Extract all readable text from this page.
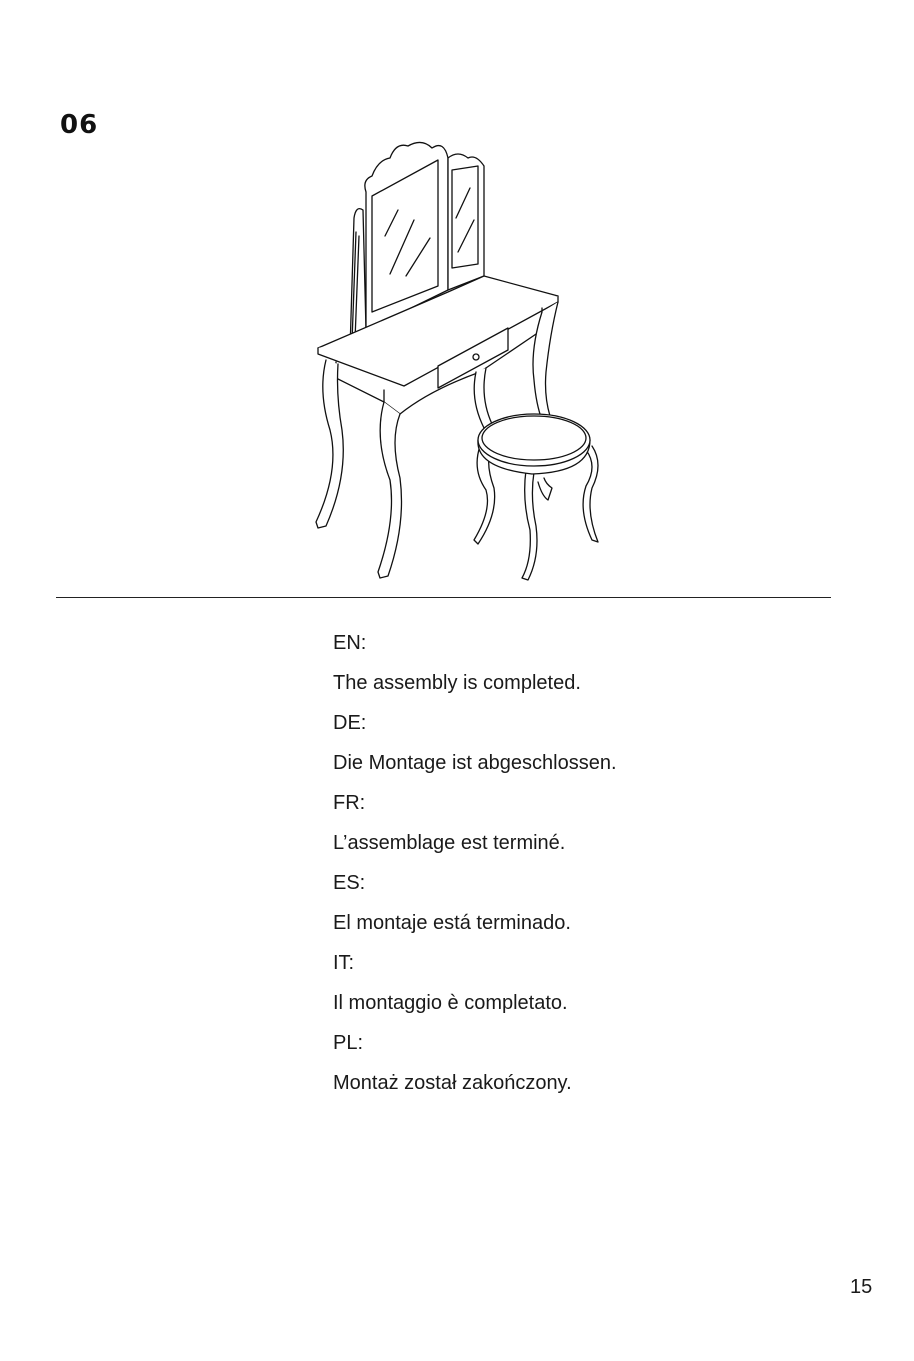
06

EN:

The assembly is completed.

DE:

Die Montage ist abgeschlossen.

FR:

L’assemblage est terminé.

ES:

El montaje está terminado.

IT:

Il montaggio è completato.

PL:

Montaż został zakończony.

15
